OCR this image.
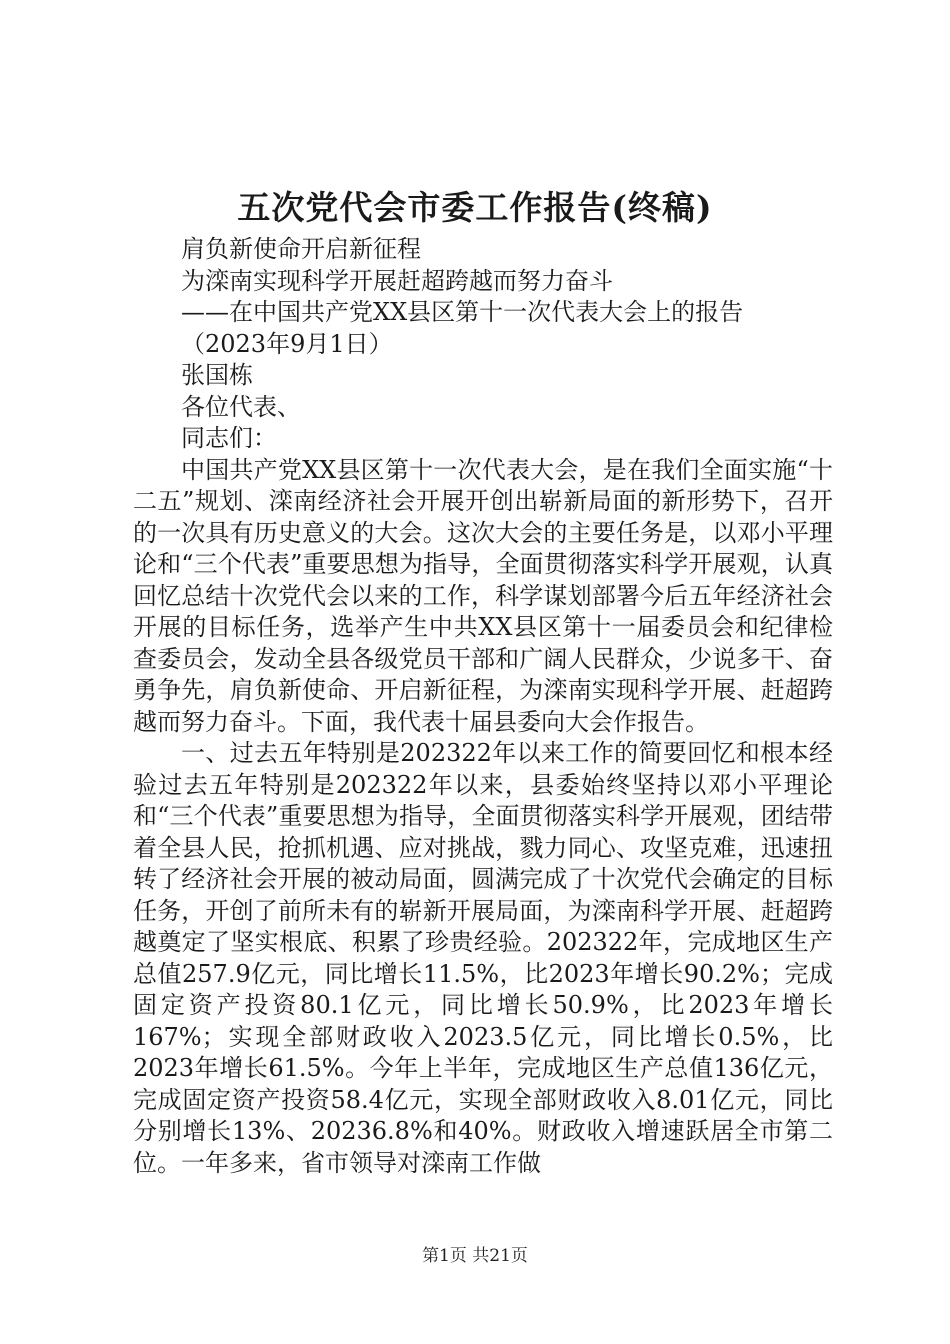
五次党代会市委工作报告(终稿)
肩负新使命开启新征程
为滦南实现科学开展赶超跨越而努力奋斗
——在中国共产党XX县区第十一次代表大会上的报告
（2023年9月1日）
张国栋
各位代表、
同志们：

中国共产党XX县区第十一次代表大会，是在我们全面实施“十二五”规划、滦南经济社会开展开创出崭新局面的新形势下，召开的一次具有历史意义的大会。这次大会的主要任务是，以邓小平理论和“三个代表”重要思想为指导，全面贯彻落实科学开展观，认真回忆总结十次党代会以来的工作，科学谋划部署今后五年经济社会开展的目标任务，选举产生中共XX县区第十一届委员会和纪律检查委员会，发动全县各级党员干部和广阔人民群众，少说多干、奋勇争先，肩负新使命、开启新征程，为滦南实现科学开展、赶超跨越而努力奋斗。下面，我代表十届县委向大会作报告。

一、过去五年特别是202322年以来工作的简要回忆和根本经验过去五年特别是202322年以来，县委始终坚持以邓小平理论和“三个代表”重要思想为指导，全面贯彻落实科学开展观，团结带着全县人民，抢抓机遇、应对挑战，戮力同心、攻坚克难，迅速扭转了经济社会开展的被动局面，圆满完成了十次党代会确定的目标任务，开创了前所未有的崭新开展局面，为滦南科学开展、赶超跨越奠定了坚实根底、积累了珍贵经验。202322年，完成地区生产总值257.9亿元，同比增长11.5%，比2023年增长90.2%；完成固定资产投资80.1亿元，同比增长50.9%，比2023年增长167%；实现全部财政收入2023.5亿元，同比增长0.5%，比2023年增长61.5%。今年上半年，完成地区生产总值136亿元，完成固定资产投资58.4亿元，实现全部财政收入8.01亿元，同比分别增长13%、20236.8%和40%。财政收入增速跃居全市第二位。一年多来，省市领导对滦南工作做

第1页 共21页
